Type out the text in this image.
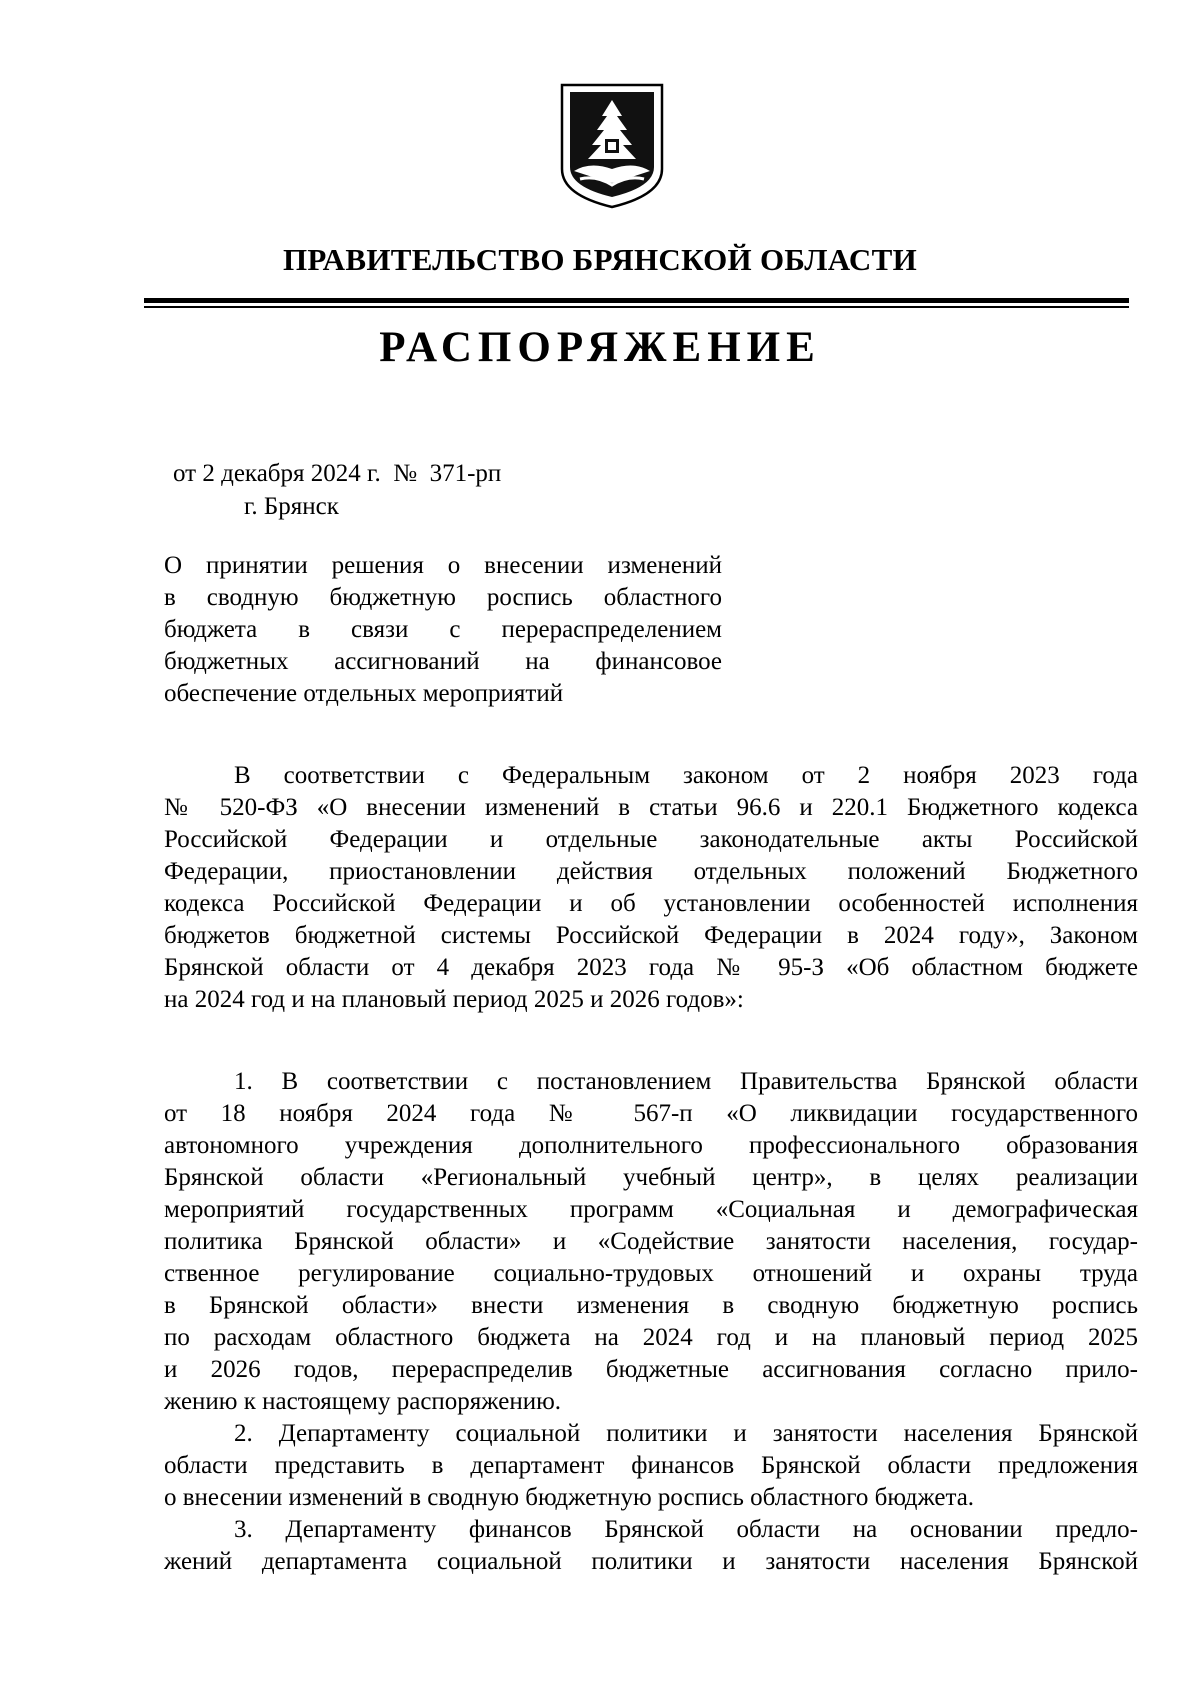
ПРАВИТЕЛЬСТВО БРЯНСКОЙ ОБЛАСТИ
РАСПОРЯЖЕНИЕ
от 2 декабря 2024 г. № 371-рп
г. Брянск
О принятии решения о внесении изменений
в сводную бюджетную роспись областного
бюджета в связи с перераспределением
бюджетных ассигнований на финансовое
обеспечение отдельных мероприятий
В соответствии с Федеральным законом от 2 ноября 2023 года
№ 520-ФЗ «О внесении изменений в статьи 96.6 и 220.1 Бюджетного кодекса
Российской Федерации и отдельные законодательные акты Российской
Федерации, приостановлении действия отдельных положений Бюджетного
кодекса Российской Федерации и об установлении особенностей исполнения
бюджетов бюджетной системы Российской Федерации в 2024 году», Законом
Брянской области от 4 декабря 2023 года № 95-З «Об областном бюджете
на 2024 год и на плановый период 2025 и 2026 годов»:
1. В соответствии с постановлением Правительства Брянской области
от 18 ноября 2024 года № 567-п «О ликвидации государственного
автономного учреждения дополнительного профессионального образования
Брянской области «Региональный учебный центр», в целях реализации
мероприятий государственных программ «Социальная и демографическая
политика Брянской области» и «Содействие занятости населения, государ-
ственное регулирование социально-трудовых отношений и охраны труда
в Брянской области» внести изменения в сводную бюджетную роспись
по расходам областного бюджета на 2024 год и на плановый период 2025
и 2026 годов, перераспределив бюджетные ассигнования согласно прило-
жению к настоящему распоряжению.
2. Департаменту социальной политики и занятости населения Брянской
области представить в департамент финансов Брянской области предложения
о внесении изменений в сводную бюджетную роспись областного бюджета.
3. Департаменту финансов Брянской области на основании предло-
жений департамента социальной политики и занятости населения Брянской
